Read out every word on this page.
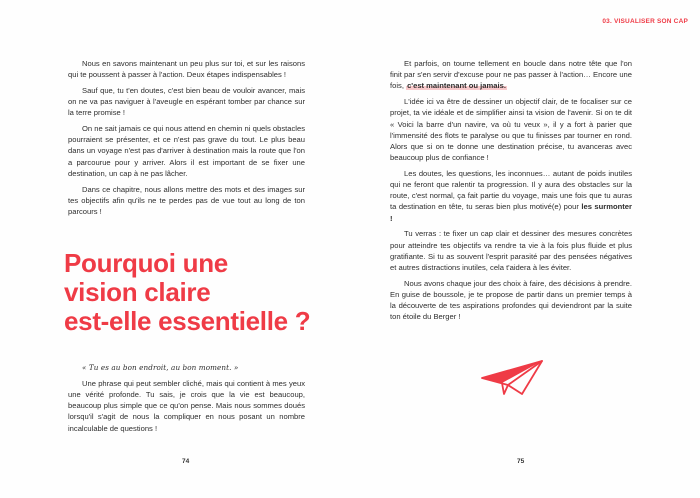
Nous en savons maintenant un peu plus sur toi, et sur les raisons qui te poussent à passer à l'action. Deux étapes indispensables !

Sauf que, tu t'en doutes, c'est bien beau de vouloir avancer, mais on ne va pas naviguer à l'aveugle en espérant tomber par chance sur la terre promise !

On ne sait jamais ce qui nous attend en chemin ni quels obstacles pourraient se présenter, et ce n'est pas grave du tout. Le plus beau dans un voyage n'est pas d'arriver à destination mais la route que l'on a parcourue pour y arriver. Alors il est important de se fixer une destination, un cap à ne pas lâcher.

Dans ce chapitre, nous allons mettre des mots et des images sur tes objectifs afin qu'ils ne te perdes pas de vue tout au long de ton parcours !

Pourquoi une
vision claire
est-elle essentielle ?

« Tu es au bon endroit, au bon moment. »

Une phrase qui peut sembler cliché, mais qui contient à mes yeux une vérité profonde. Tu sais, je crois que la vie est beaucoup, beaucoup plus simple que ce qu'on pense. Mais nous sommes doués lorsqu'il s'agit de nous la compliquer en nous posant un nombre incalculable de questions !

74
03. VISUALISER SON CAP

Et parfois, on tourne tellement en boucle dans notre tête que l'on finit par s'en servir d'excuse pour ne pas passer à l'action… Encore une fois, c'est maintenant ou jamais.

L'idée ici va être de dessiner un objectif clair, de te focaliser sur ce projet, ta vie idéale et de simplifier ainsi ta vision de l'avenir. Si on te dit « Voici la barre d'un navire, va où tu veux », il y a fort à parier que l'immensité des flots te paralyse ou que tu finisses par tourner en rond. Alors que si on te donne une destination précise, tu avanceras avec beaucoup plus de confiance !

Les doutes, les questions, les inconnues… autant de poids inutiles qui ne feront que ralentir ta progression. Il y aura des obstacles sur la route, c'est normal, ça fait partie du voyage, mais une fois que tu auras ta destination en tête, tu seras bien plus motivé(e) pour les surmonter !

Tu verras : te fixer un cap clair et dessiner des mesures concrètes pour atteindre tes objectifs va rendre ta vie à la fois plus fluide et plus gratifiante. Si tu as souvent l'esprit parasité par des pensées négatives et autres distractions inutiles, cela t'aidera à les éviter.

Nous avons chaque jour des choix à faire, des décisions à prendre. En guise de boussole, je te propose de partir dans un premier temps à la découverte de tes aspirations profondes qui deviendront par la suite ton étoile du Berger !

75
